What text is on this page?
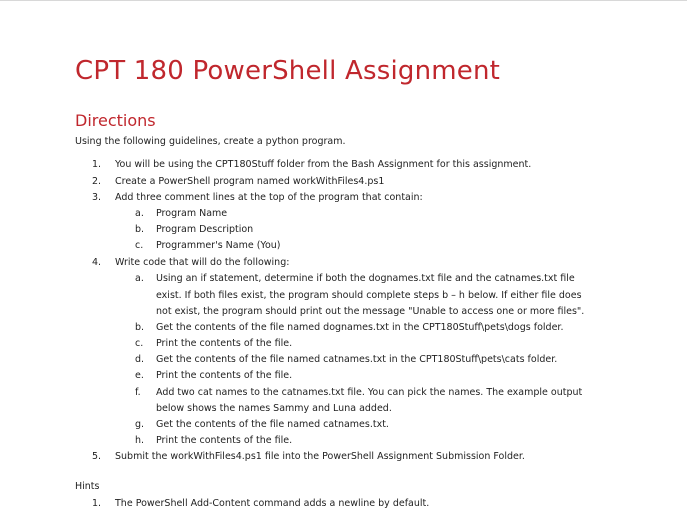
CPT 180 PowerShell Assignment
Directions
Using the following guidelines, create a python program.
1. You will be using the CPT180Stuff folder from the Bash Assignment for this assignment.
2. Create a PowerShell program named workWithFiles4.ps1
3. Add three comment lines at the top of the program that contain:
a. Program Name
b. Program Description
c. Programmer's Name (You)
4. Write code that will do the following:
a. Using an if statement, determine if both the dognames.txt file and the catnames.txt file
exist. If both files exist, the program should complete steps b – h below. If either file does
not exist, the program should print out the message "Unable to access one or more files".
b. Get the contents of the file named dognames.txt in the CPT180Stuff\pets\dogs folder.
c. Print the contents of the file.
d. Get the contents of the file named catnames.txt in the CPT180Stuff\pets\cats folder.
e. Print the contents of the file.
f. Add two cat names to the catnames.txt file. You can pick the names. The example output
below shows the names Sammy and Luna added.
g. Get the contents of the file named catnames.txt.
h. Print the contents of the file.
5. Submit the workWithFiles4.ps1 file into the PowerShell Assignment Submission Folder.
Hints
1. The PowerShell Add-Content command adds a newline by default.
